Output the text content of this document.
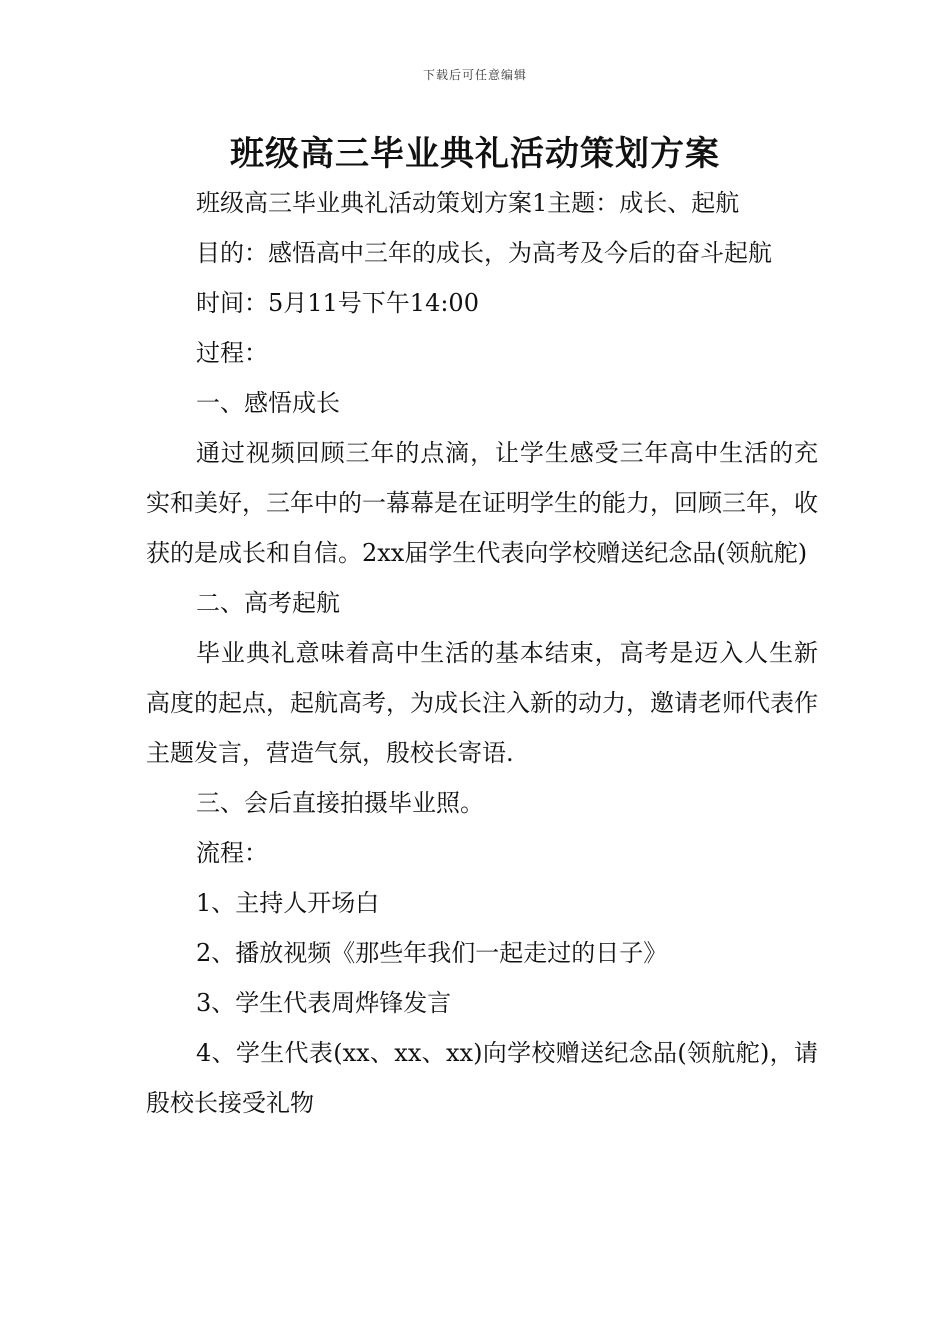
下载后可任意编辑
班级高三毕业典礼活动策划方案

班级高三毕业典礼活动策划方案1主题：成长、起航

目的：感悟高中三年的成长，为高考及今后的奋斗起航

时间：5月11号下午14:00

过程：

一、感悟成长

通过视频回顾三年的点滴，让学生感受三年高中生活的充实和美好，三年中的一幕幕是在证明学生的能力，回顾三年，收获的是成长和自信。2xx届学生代表向学校赠送纪念品(领航舵)

二、高考起航

毕业典礼意味着高中生活的基本结束，高考是迈入人生新高度的起点，起航高考，为成长注入新的动力，邀请老师代表作主题发言，营造气氛，殷校长寄语.

三、会后直接拍摄毕业照。

流程：

1、主持人开场白

2、播放视频《那些年我们一起走过的日子》

3、学生代表周烨锋发言

4、学生代表(xx、xx、xx)向学校赠送纪念品(领航舵)，请殷校长接受礼物
